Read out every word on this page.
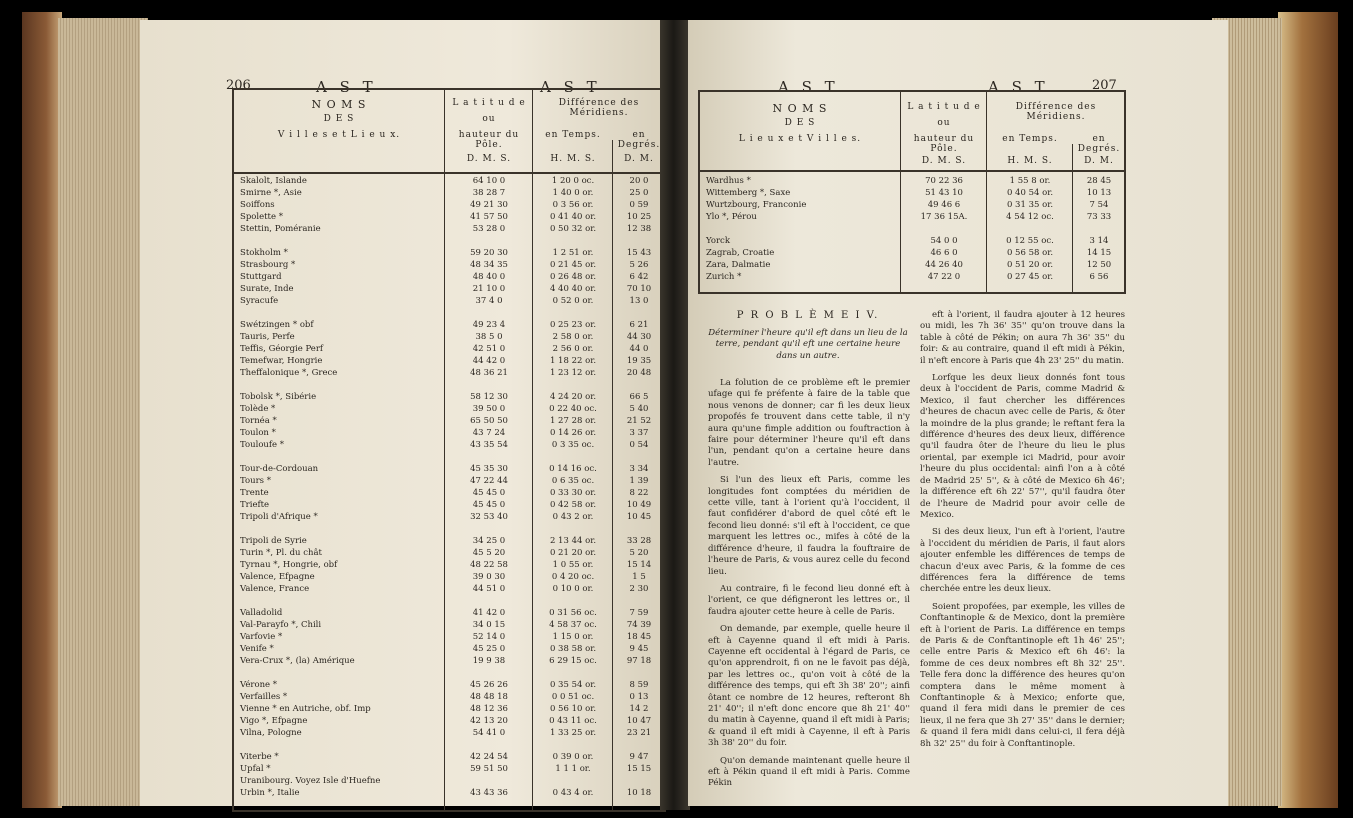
206	A S T	A S T
N O M S
D E S
V i l l e s e t L i e u x.
L a t i t u d e
ou
hauteur du Pôle.
Différence des Méridiens.
en Temps.	en Degrés.
D. M. S.	H. M. S.	D. M.
Skalolt, Islande	64 10 0	1 20 0 oc.	20 0
Smirne *, Asie	38 28 7	1 40 0 or.	25 0
Soiffons	49 21 30	0 3 56 or.	0 59
Spolette *	41 57 50	0 41 40 or.	10 25
Stettin, Poméranie	53 28 0	0 50 32 or.	12 38
Stokholm *	59 20 30	1 2 51 or.	15 43
Strasbourg *	48 34 35	0 21 45 or.	5 26
Stuttgard	48 40 0	0 26 48 or.	6 42
Surate, Inde	21 10 0	4 40 40 or.	70 10
Syracufe	37 4 0	0 52 0 or.	13 0
Swétzingen * obf	49 23 4	0 25 23 or.	6 21
Tauris, Perfe	38 5 0	2 58 0 or.	44 30
Teffis, Géorgie Perf	42 51 0	2 56 0 or.	44 0
Temefwar, Hongrie	44 42 0	1 18 22 or.	19 35
Theffalonique *, Grece	48 36 21	1 23 12 or.	20 48
Tobolsk *, Sibérie	58 12 30	4 24 20 or.	66 5
Tolède *	39 50 0	0 22 40 oc.	5 40
Tornéa *	65 50 50	1 27 28 or.	21 52
Toulon *	43 7 24	0 14 26 or.	3 37
Touloufe *	43 35 54	0 3 35 oc.	0 54
Tour-de-Cordouan	45 35 30	0 14 16 oc.	3 34
Tours *	47 22 44	0 6 35 oc.	1 39
Trente	45 45 0	0 33 30 or.	8 22
Triefte	45 45 0	0 42 58 or.	10 49
Tripoli d'Afrique *	32 53 40	0 43 2 or.	10 45
Tripoli de Syrie	34 25 0	2 13 44 or.	33 28
Turin *, Pl. du chât	45 5 20	0 21 20 or.	5 20
Tyrnau *, Hongrie, obf	48 22 58	1 0 55 or.	15 14
Valence, Efpagne	39 0 30	0 4 20 oc.	1 5
Valence, France	44 51 0	0 10 0 or.	2 30
Valladolid	41 42 0	0 31 56 oc.	7 59
Val-Parayfo *, Chili	34 0 15	4 58 37 oc.	74 39
Varfovie *	52 14 0	1 15 0 or.	18 45
Venife *	45 25 0	0 38 58 or.	9 45
Vera-Crux *, (la) Amérique	19 9 38	6 29 15 oc.	97 18
Vérone *	45 26 26	0 35 54 or.	8 59
Verfailles *	48 48 18	0 0 51 oc.	0 13
Vienne * en Autriche, obf. Imp	48 12 36	0 56 10 or.	14 2
Vigo *, Efpagne	42 13 20	0 43 11 oc.	10 47
Vilna, Pologne	54 41 0	1 33 25 or.	23 21
Viterbe *	42 24 54	0 39 0 or.	9 47
Upfal *	59 51 50	1 1 1 or.	15 15
Uranibourg. Voyez Isle d'Huefne
Urbin *, Italie	43 43 36	0 43 4 or.	10 18
A S T	A S T	207
N O M S
D E S
L i e u x e t V i l l e s.
L a t i t u d e
ou
hauteur du Pôle.
Différence des Méridiens.
en Temps.	en Degrés.
D. M. S.	H. M. S.	D. M.
Wardhus *	70 22 36	1 55 8 or.	28 45
Wittemberg *, Saxe	51 43 10	0 40 54 or.	10 13
Wurtzbourg, Franconie	49 46 6	0 31 35 or.	7 54
Ylo *, Pérou	17 36 15A.	4 54 12 oc.	73 33
Yorck	54 0 0	0 12 55 oc.	3 14
Zagrab, Croatie	46 6 0	0 56 58 or.	14 15
Zara, Dalmatie	44 26 40	0 51 20 or.	12 50
Zurich *	47 22 0	0 27 45 or.	6 56
P R O B L È M E I V.
Déterminer l'heure qu'il eft dans un lieu de la terre, pendant qu'il eft une certaine heure dans un autre.

La folution de ce problème eft le premier ufage qui fe préfente à faire de la table que nous venons de donner; car fi les deux lieux propofés fe trouvent dans cette table, il n'y aura qu'une fimple addition ou fouftraction à faire pour déterminer l'heure qu'il eft dans l'un, pendant qu'on a certaine heure dans l'autre.

Si l'un des lieux eft Paris, comme les longitudes font comptées du méridien de cette ville, tant à l'orient qu'à l'occident, il faut confidérer d'abord de quel côté eft le fecond lieu donné: s'il eft à l'occident, ce que marquent les lettres oc., mifes à côté de la différence d'heure, il faudra la fouftraire de l'heure de Paris, & vous aurez celle du fecond lieu.

Au contraire, fi le fecond lieu donné eft à l'orient, ce que défigneront les lettres or., il faudra ajouter cette heure à celle de Paris.

On demande, par exemple, quelle heure il eft à Cayenne quand il eft midi à Paris. Cayenne eft occidental à l'égard de Paris, ce qu'on apprendroit, fi on ne le favoit pas déjà, par les lettres oc., qu'on voit à côté de la différence des temps, qui eft 3h 38' 20''; ainfi ôtant ce nombre de 12 heures, refteront 8h 21' 40''; il n'eft donc encore que 8h 21' 40'' du matin à Cayenne, quand il eft midi à Paris; & quand il eft midi à Cayenne, il eft à Paris 3h 38' 20'' du foir.

Qu'on demande maintenant quelle heure il eft à Pékin quand il eft midi à Paris. Comme Pékin

eft à l'orient, il faudra ajouter à 12 heures ou midi, les 7h 36' 35'' qu'on trouve dans la table à côté de Pékin; on aura 7h 36' 35'' du foir: & au contraire, quand il eft midi à Pékin, il n'eft encore à Paris que 4h 23' 25'' du matin.

Lorfque les deux lieux donnés font tous deux à l'occident de Paris, comme Madrid & Mexico, il faut chercher les différences d'heures de chacun avec celle de Paris, & ôter la moindre de la plus grande; le reftant fera la différence d'heures des deux lieux, différence qu'il faudra ôter de l'heure du lieu le plus oriental, par exemple ici Madrid, pour avoir l'heure du plus occidental: ainfi l'on a à côté de Madrid 25' 5'', & à côté de Mexico 6h 46'; la différence eft 6h 22' 57'', qu'il faudra ôter de l'heure de Madrid pour avoir celle de Mexico.

Si des deux lieux, l'un eft à l'orient, l'autre à l'occident du méridien de Paris, il faut alors ajouter enfemble les différences de temps de chacun d'eux avec Paris, & la fomme de ces différences fera la différence de tems cherchée entre les deux lieux.

Soient propofées, par exemple, les villes de Conftantinople & de Mexico, dont la première eft à l'orient de Paris. La différence en temps de Paris & de Conftantinople eft 1h 46' 25''; celle entre Paris & Mexico eft 6h 46': la fomme de ces deux nombres eft 8h 32' 25''. Telle fera donc la différence des heures qu'on comptera dans le même moment à Conftantinople & à Mexico; enforte que, quand il fera midi dans le premier de ces lieux, il ne fera que 3h 27' 35'' dans le dernier; & quand il fera midi dans celui-ci, il fera déjà 8h 32' 25'' du foir à Conftantinople.
